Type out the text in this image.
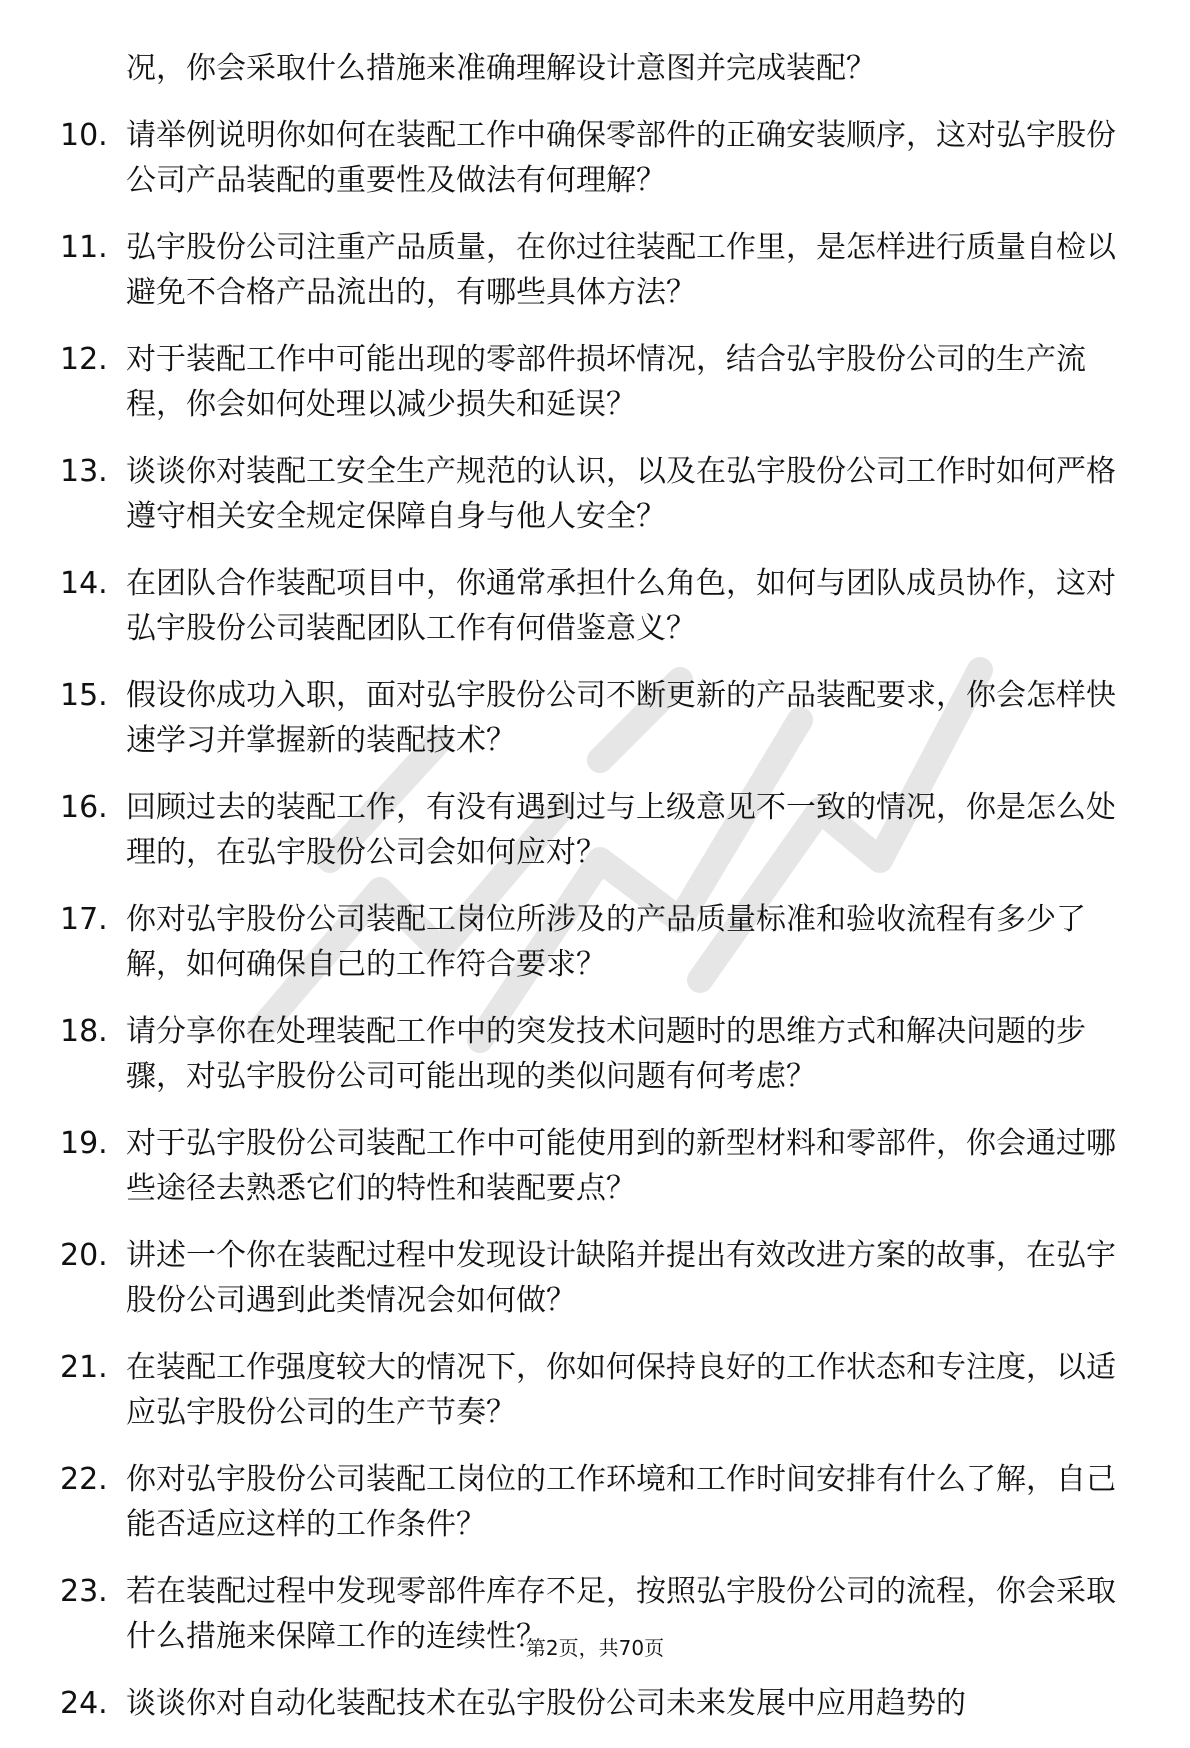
况，你会采取什么措施来准确理解设计意图并完成装配？
10. 请举例说明你如何在装配工作中确保零部件的正确安装顺序，这对弘宇股份公司产品装配的重要性及做法有何理解？
11. 弘宇股份公司注重产品质量，在你过往装配工作里，是怎样进行质量自检以避免不合格产品流出的，有哪些具体方法？
12. 对于装配工作中可能出现的零部件损坏情况，结合弘宇股份公司的生产流程，你会如何处理以减少损失和延误？
13. 谈谈你对装配工安全生产规范的认识，以及在弘宇股份公司工作时如何严格遵守相关安全规定保障自身与他人安全？
14. 在团队合作装配项目中，你通常承担什么角色，如何与团队成员协作，这对弘宇股份公司装配团队工作有何借鉴意义？
15. 假设你成功入职，面对弘宇股份公司不断更新的产品装配要求，你会怎样快速学习并掌握新的装配技术？
16. 回顾过去的装配工作，有没有遇到过与上级意见不一致的情况，你是怎么处理的，在弘宇股份公司会如何应对？
17. 你对弘宇股份公司装配工岗位所涉及的产品质量标准和验收流程有多少了解，如何确保自己的工作符合要求？
18. 请分享你在处理装配工作中的突发技术问题时的思维方式和解决问题的步骤，对弘宇股份公司可能出现的类似问题有何考虑？
19. 对于弘宇股份公司装配工作中可能使用到的新型材料和零部件，你会通过哪些途径去熟悉它们的特性和装配要点？
20. 讲述一个你在装配过程中发现设计缺陷并提出有效改进方案的故事，在弘宇股份公司遇到此类情况会如何做？
21. 在装配工作强度较大的情况下，你如何保持良好的工作状态和专注度，以适应弘宇股份公司的生产节奏？
22. 你对弘宇股份公司装配工岗位的工作环境和工作时间安排有什么了解，自己能否适应这样的工作条件？
23. 若在装配过程中发现零部件库存不足，按照弘宇股份公司的流程，你会采取什么措施来保障工作的连续性？
24. 谈谈你对自动化装配技术在弘宇股份公司未来发展中应用趋势的
第2页，共70页
